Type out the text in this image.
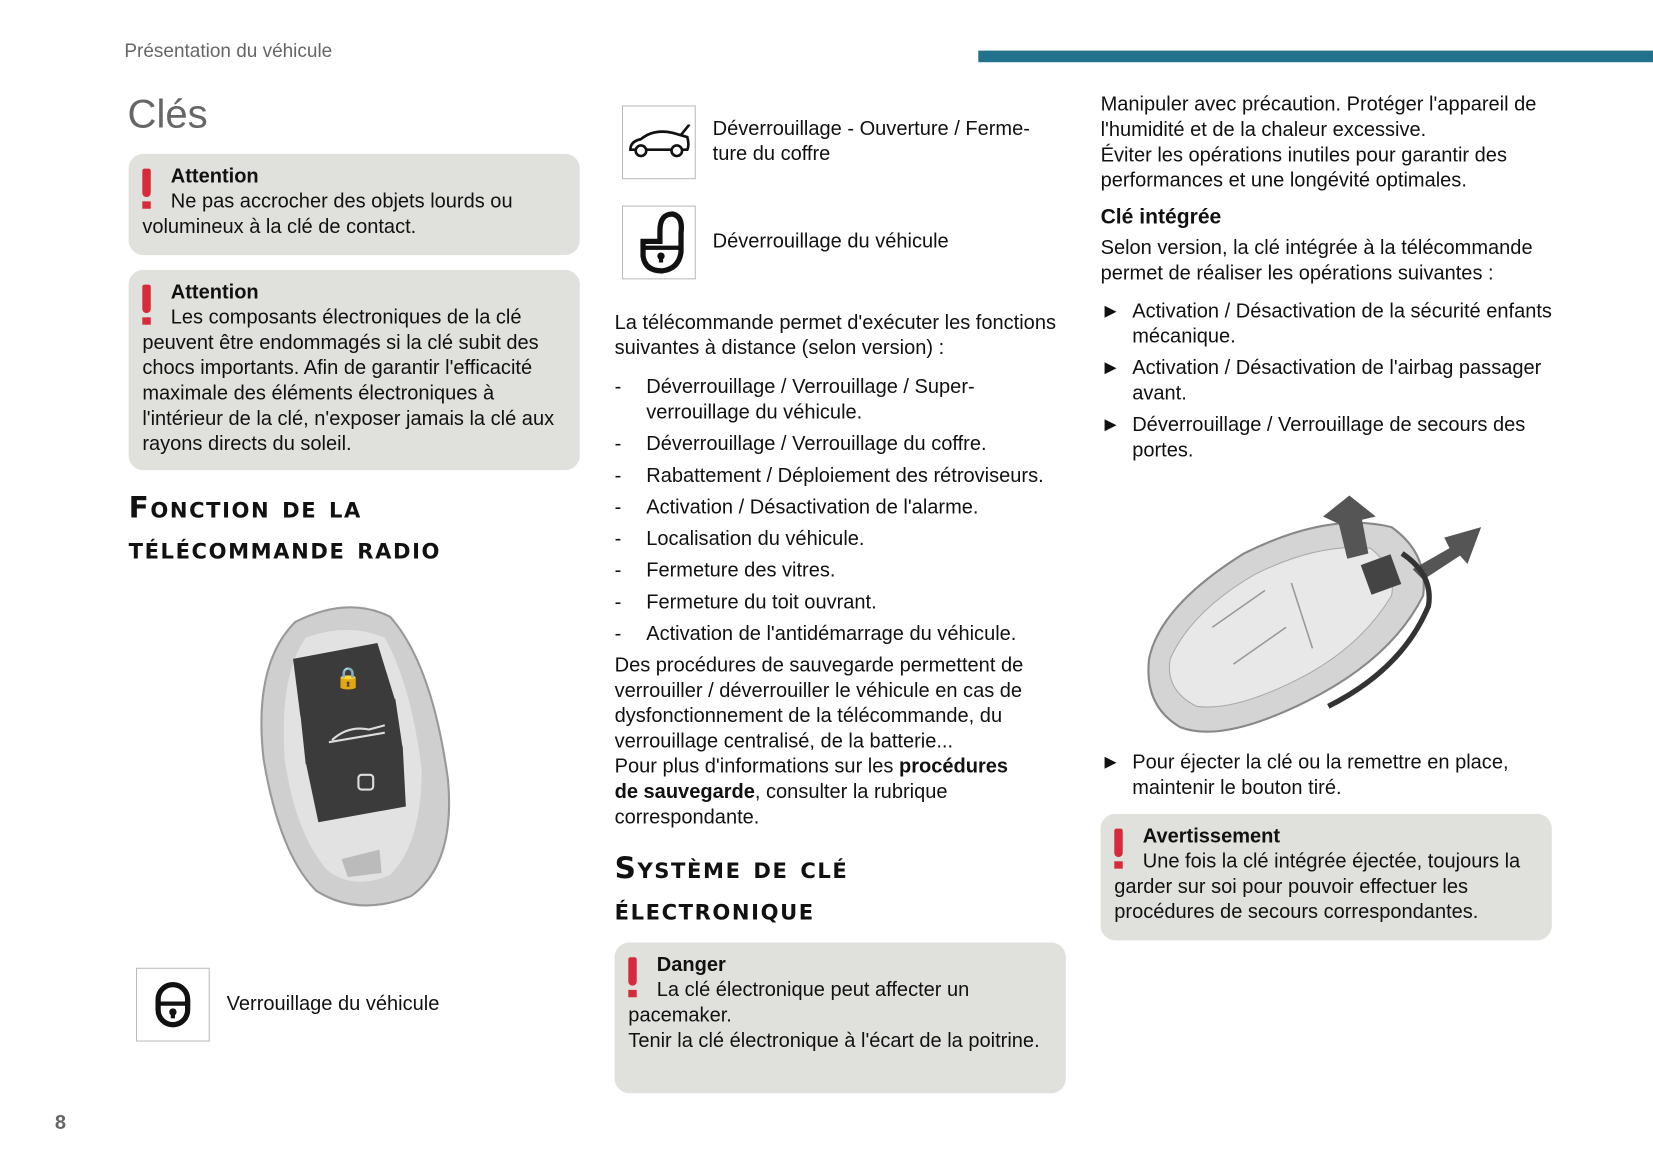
Présentation du véhicule
8
Clés
Attention
Ne pas accrocher des objets lourds ou volumineux à la clé de contact.
Attention
Les composants électroniques de la clé peuvent être endommagés si la clé subit des chocs importants. Afin de garantir l'efficacité maximale des éléments électroniques à l'intérieur de la clé, n'exposer jamais la clé aux rayons directs du soleil.
Fonction de la
télécommande radio
🔒
Verrouillage du véhicule
Déverrouillage - Ouverture / Ferme-
ture du coffre
Déverrouillage du véhicule

La télécommande permet d'exécuter les fonctions suivantes à distance (selon version) :

- Déverrouillage / Verrouillage / Super-verrouillage du véhicule.
- Déverrouillage / Verrouillage du coffre.
- Rabattement / Déploiement des rétroviseurs.
- Activation / Désactivation de l'alarme.
- Localisation du véhicule.
- Fermeture des vitres.
- Fermeture du toit ouvrant.
- Activation de l'antidémarrage du véhicule.

Des procédures de sauvegarde permettent de verrouiller / déverrouiller le véhicule en cas de dysfonctionnement de la télécommande, du verrouillage centralisé, de la batterie...

Pour plus d'informations sur les procédures de sauvegarde, consulter la rubrique correspondante.

Système de clé
électronique
Danger
La clé électronique peut affecter un pacemaker.
Tenir la clé électronique à l'écart de la poitrine.

Manipuler avec précaution. Protéger l'appareil de l'humidité et de la chaleur excessive.

Éviter les opérations inutiles pour garantir des performances et une longévité optimales.

Clé intégrée

Selon version, la clé intégrée à la télécommande permet de réaliser les opérations suivantes :

► Activation / Désactivation de la sécurité enfants mécanique.
► Activation / Désactivation de l'airbag passager avant.
► Déverrouillage / Verrouillage de secours des portes.
► Pour éjecter la clé ou la remettre en place, maintenir le bouton tiré.
Avertissement
Une fois la clé intégrée éjectée, toujours la garder sur soi pour pouvoir effectuer les procédures de secours correspondantes.
